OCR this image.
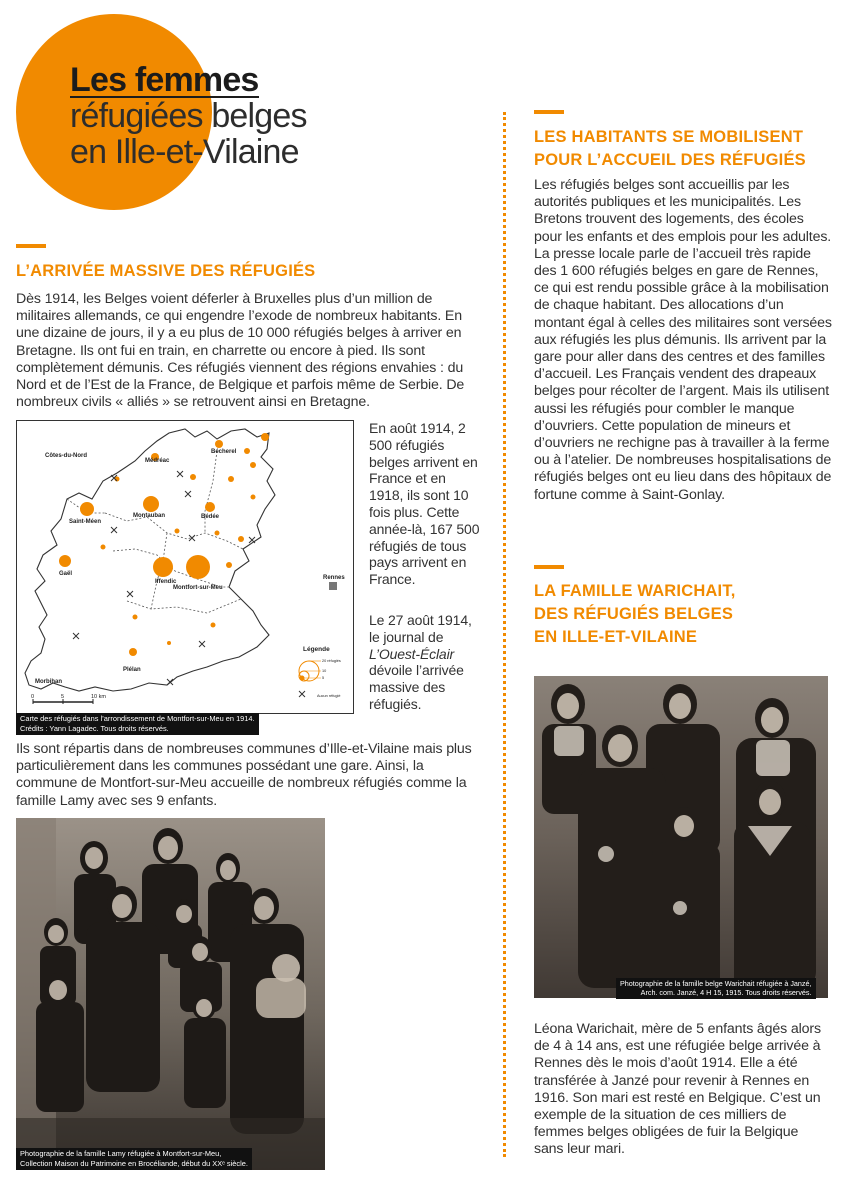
Les femmes
réfugiées belges
en Ille-et-Vilaine
L’ARRIVÉE MASSIVE DES RÉFUGIÉS
Dès 1914, les Belges voient déferler à Bruxelles plus d’un million de militaires allemands, ce qui engendre l’exode de nombreux habitants. En une dizaine de jours, il y a eu plus de 10 000 réfugiés belges à arriver en Bretagne. Ils ont fui en train, en charrette ou encore à pied. Ils sont complètement démunis. Ces réfugiés viennent des régions envahies : du Nord et de l’Est de la France, de Belgique et parfois même de Serbie. De nombreux civils « alliés » se retrouvent ainsi en Bretagne.
Côtes-du-Nord
Médréac
Bécherel
Saint-Méen
Montauban	Bédée
Gaël
Iffendic
Montfort-sur-Meu
Rennes
Plélan
Morbihan
Légende
20 réfugiés
10
5
Aucun réfugié
0	5	10 km
Carte des réfugiés dans l’arrondissement de Montfort-sur-Meu en 1914.
Crédits : Yann Lagadec. Tous droits réservés.
En août 1914, 2 500 réfugiés belges arrivent en France et en 1918, ils sont 10 fois plus. Cette année-là, 167 500 réfugiés de tous pays arrivent en France.
Le 27 août 1914, le journal de L’Ouest-Éclair dévoile l’arrivée massive des réfugiés.
Ils sont répartis dans de nombreuses communes d’Ille-et-Vilaine mais plus particulièrement dans les communes possédant une gare. Ainsi, la commune de Montfort-sur-Meu accueille de nombreux réfugiés comme la famille Lamy avec ses 9 enfants.
Photographie de la famille Lamy réfugiée à Montfort-sur-Meu,
Collection Maison du Patrimoine en Brocéliande, début du XXᵉ siècle.
LES HABITANTS SE MOBILISENT
POUR L’ACCUEIL DES RÉFUGIÉS
Les réfugiés belges sont accueillis par les autorités publiques et les municipalités. Les Bretons trouvent des logements, des écoles pour les enfants et des emplois pour les adultes. La presse locale parle de l’accueil très rapide des 1 600 réfugiés belges en gare de Rennes, ce qui est rendu possible grâce à la mobilisation de chaque habitant. Des allocations d’un montant égal à celles des militaires sont versées aux réfugiés les plus démunis. Ils arrivent par la gare pour aller dans des centres et des familles d’accueil. Les Français vendent des drapeaux belges pour récolter de l’argent. Mais ils utilisent aussi les réfugiés pour combler le manque d’ouvriers. Cette population de mineurs et d’ouvriers ne rechigne pas à travailler à la ferme ou à l’atelier. De nombreuses hospitalisations de réfugiés belges ont eu lieu dans des hôpitaux de fortune comme à Saint-Gonlay.
LA FAMILLE WARICHAIT,
DES RÉFUGIÉS BELGES
EN ILLE-ET-VILAINE
Photographie de la famille belge Warichait réfugiée à Janzé,
Arch. com. Janzé, 4 H 15, 1915. Tous droits réservés.
Léona Warichait, mère de 5 enfants âgés alors de 4 à 14 ans, est une réfugiée belge arrivée à Rennes dès le mois d’août 1914. Elle a été transférée à Janzé pour revenir à Rennes en 1916. Son mari est resté en Belgique. C’est un exemple de la situation de ces milliers de femmes belges obligées de fuir la Belgique sans leur mari.
